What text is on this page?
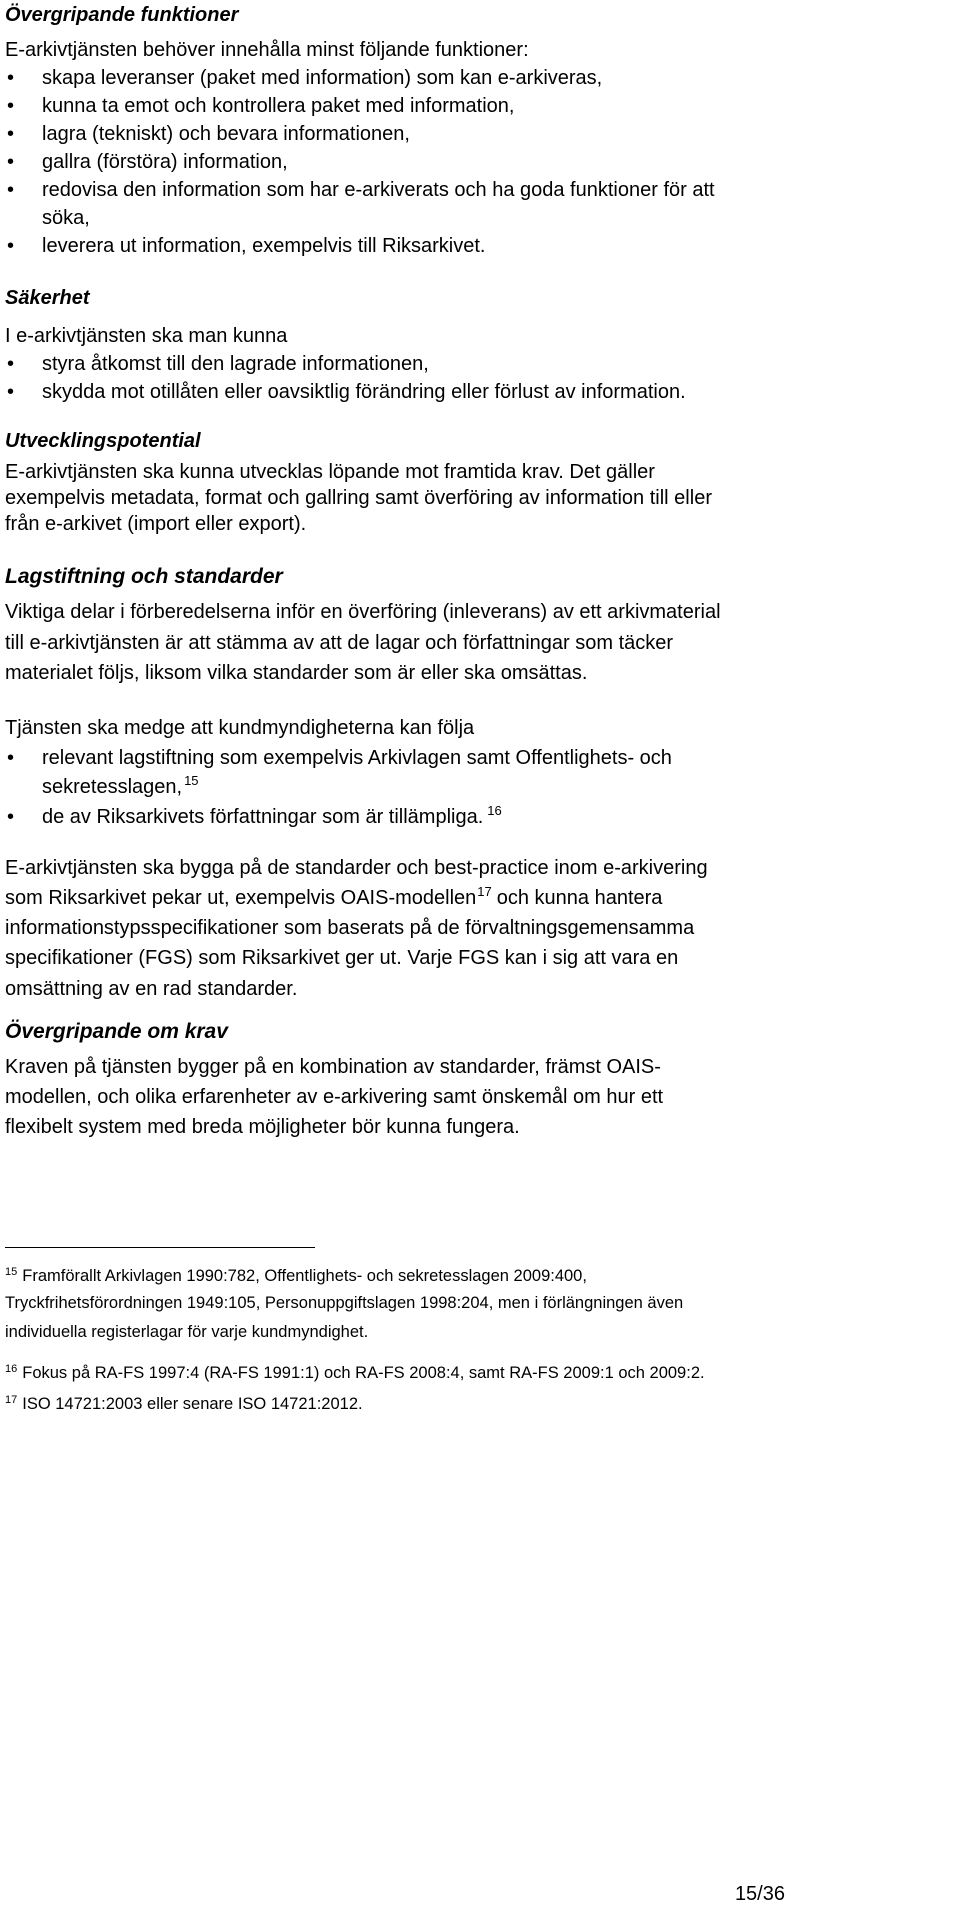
Övergripande funktioner
E-arkivtjänsten behöver innehålla minst följande funktioner:
• skapa leveranser (paket med information) som kan e-arkiveras,
• kunna ta emot och kontrollera paket med information,
• lagra (tekniskt) och bevara informationen,
• gallra (förstöra) information,
• redovisa den information som har e-arkiverats och ha goda funktioner för att
söka,
• leverera ut information, exempelvis till Riksarkivet.
Säkerhet
I e-arkivtjänsten ska man kunna
• styra åtkomst till den lagrade informationen,
• skydda mot otillåten eller oavsiktlig förändring eller förlust av information.
Utvecklingspotential
E-arkivtjänsten ska kunna utvecklas löpande mot framtida krav. Det gäller
exempelvis metadata, format och gallring samt överföring av information till eller
från e-arkivet (import eller export).
Lagstiftning och standarder
Viktiga delar i förberedelserna inför en överföring (inleverans) av ett arkivmaterial
till e-arkivtjänsten är att stämma av att de lagar och författningar som täcker
materialet följs, liksom vilka standarder som är eller ska omsättas.
Tjänsten ska medge att kundmyndigheterna kan följa
• relevant lagstiftning som exempelvis Arkivlagen samt Offentlighets- och
sekretesslagen, $^{15}$
• de av Riksarkivets författningar som är tillämpliga. $^{16}$
E-arkivtjänsten ska bygga på de standarder och best-practice inom e-arkivering
som Riksarkivet pekar ut, exempelvis OAIS-modellen$^{17}$ och kunna hantera
informationstypsspecifikationer som baserats på de förvaltningsgemensamma
specifikationer (FGS) som Riksarkivet ger ut. Varje FGS kan i sig att vara en
omsättning av en rad standarder.
Övergripande om krav
Kraven på tjänsten bygger på en kombination av standarder, främst OAIS-
modellen, och olika erfarenheter av e-arkivering samt önskemål om hur ett
flexibelt system med breda möjligheter bör kunna fungera.
$^{15}$ Framförallt Arkivlagen 1990:782, Offentlighets- och sekretesslagen 2009:400,
Tryckfrihetsförordningen 1949:105, Personuppgiftslagen 1998:204, men i förlängningen även
individuella registerlagar för varje kundmyndighet.
$^{16}$ Fokus på RA-FS 1997:4 (RA-FS 1991:1) och RA-FS 2008:4, samt RA-FS 2009:1 och 2009:2.
$^{17}$ ISO 14721:2003 eller senare ISO 14721:2012.
15/36
